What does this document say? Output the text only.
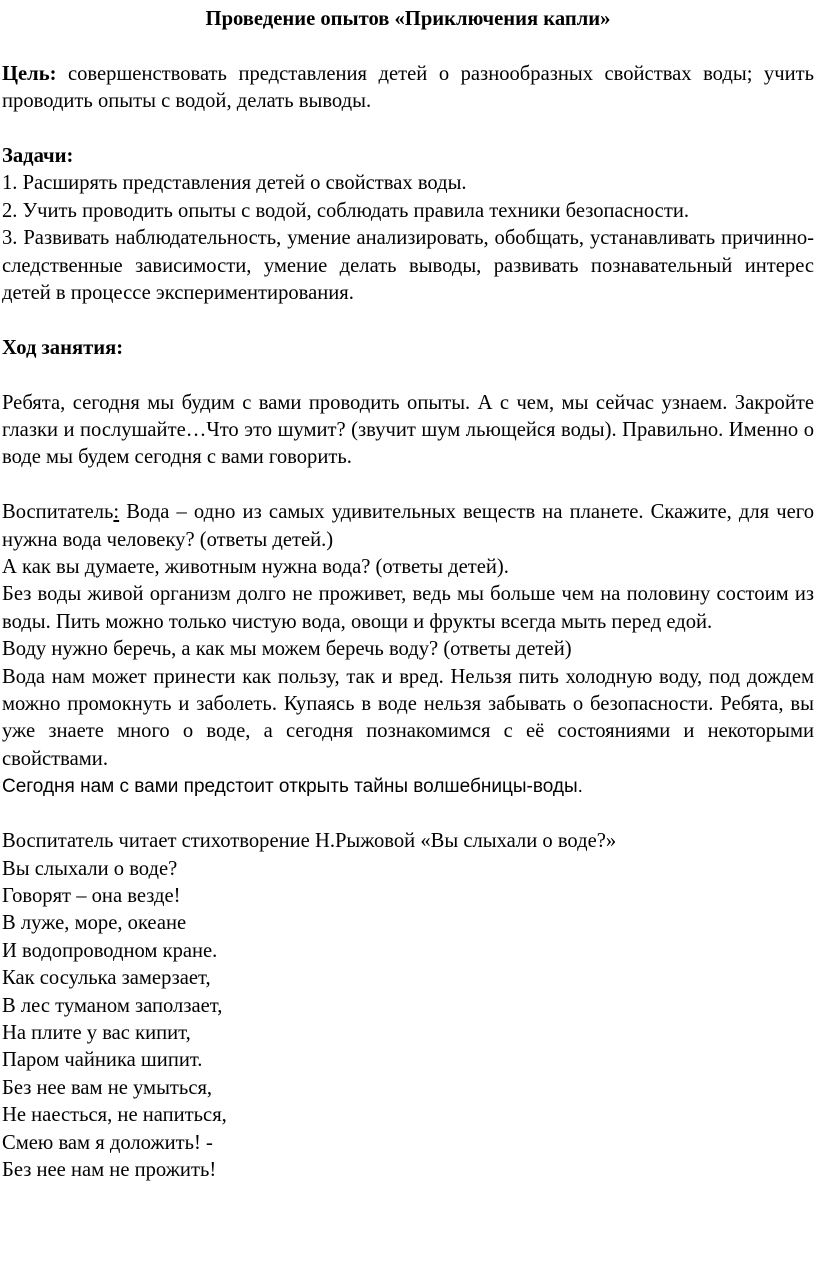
Проведение опытов «Приключения капли»

Цель: совершенствовать представления детей о разнообразных свойствах воды; учить проводить опыты с водой, делать выводы.

Задачи:

1. Расширять представления детей о свойствах воды.

2. Учить проводить опыты с водой, соблюдать правила техники безопасности.

3. Развивать наблюдательность, умение анализировать, обобщать, устанавливать причинно-следственные зависимости, умение делать выводы, развивать познавательный интерес детей в процессе экспериментирования.

Ход занятия:

Ребята, сегодня мы будим с вами проводить опыты. А с чем, мы сейчас узнаем. Закройте глазки и послушайте…Что это шумит? (звучит шум льющейся воды). Правильно. Именно о воде мы будем сегодня с вами говорить.

Воспитатель: Вода – одно из самых удивительных веществ на планете. Скажите, для чего нужна вода человеку? (ответы детей.)

А как вы думаете, животным нужна вода? (ответы детей).

Без воды живой организм долго не проживет, ведь мы больше чем на половину состоим из воды. Пить можно только чистую вода, овощи и фрукты всегда мыть перед едой.

Воду нужно беречь, а как мы можем беречь воду? (ответы детей)

Вода нам может принести как пользу, так и вред. Нельзя пить холодную воду, под дождем можно промокнуть и заболеть. Купаясь в воде нельзя забывать о безопасности. Ребята, вы уже знаете много о воде, а сегодня познакомимся с её состояниями и некоторыми свойствами.

Сегодня нам с вами предстоит открыть тайны волшебницы-воды.

Воспитатель читает стихотворение Н.Рыжовой «Вы слыхали о воде?»

Вы слыхали о воде?

Говорят – она везде!

В луже, море, океане

И водопроводном кране.

Как сосулька замерзает,

В лес туманом заползает,

На плите у вас кипит,

Паром чайника шипит.

Без нее вам не умыться,

Не наесться, не напиться,

Смею вам я доложить! -

Без нее нам не прожить!
